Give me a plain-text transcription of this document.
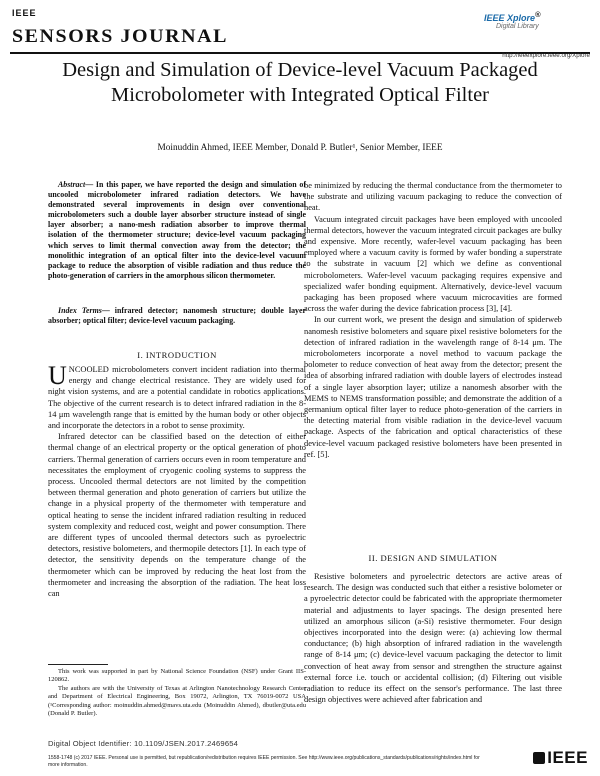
IEEE
SENSORS JOURNAL
IEEE Xplore®
Digital Library
http://ieeexplore.ieee.org/Xplore
Design and Simulation of Device-level Vacuum Packaged Microbolometer with Integrated Optical Filter
Moinuddin Ahmed, IEEE Member, Donald P. Butler¹, Senior Member, IEEE

Abstract— In this paper, we have reported the design and simulation of uncooled microbolometer infrared radiation detectors. We have demonstrated several improvements in design over conventional microbolometers such a double layer absorber structure instead of single layer absorber; a nano-mesh radiation absorber to improve thermal isolation of the thermometer structure; device-level vacuum packaging which serves to limit thermal convection away from the detector; the monolithic integration of an optical filter into the device-level vacuum package to reduce the absorption of visible radiation and thus reduce the photo-generation of carriers in the amorphous silicon thermometer.

Index Terms— infrared detector; nanomesh structure; double layer absorber; optical filter; device-level vacuum packaging.

I. INTRODUCTION

UNCOOLED microbolometers convert incident radiation into thermal energy and change electrical resistance. They are widely used for night vision systems, and are a potential candidate in robotics applications. The objective of the current research is to detect infrared radiation in the 8-14 μm wavelength range that is emitted by the human body or other objects and incorporate the detectors in a robot to sense proximity.

Infrared detector can be classified based on the detection of either thermal change of an electrical property or the optical generation of photo carriers. Thermal generation of carriers occurs even in room temperature and necessitates the employment of cryogenic cooling systems to suppress the process. Uncooled thermal detectors are not limited by the competition between thermal generation and photo generation of carriers but utilize the change in a physical property of the thermometer with temperature and optical heating to sense the incident infrared radiation resulting in reduced system complexity and reduced cost, weight and power consumption. There are different types of uncooled thermal detectors such as pyroelectric detectors, resistive bolometers, and thermopile detectors [1]. In each type of detector, the sensitivity depends on the temperature change of the thermometer which can be improved by reducing the heat lost from the thermometer and increasing the absorption of the radiation. The heat loss can

This work was supported in part by National Science Foundation (NSF) under Grant IIS-120862.

The authors are with the University of Texas at Arlington Nanotechnology Research Center and Department of Electrical Engineering, Box 19072, Arlington, TX 76019-0072 USA (¹Corresponding author: moinuddin.ahmed@mavs.uta.edu (Moinuddin Ahmed), dbutler@uta.edu (Donald P. Butler).

be minimized by reducing the thermal conductance from the thermometer to the substrate and utilizing vacuum packaging to reduce the convection of heat.

Vacuum integrated circuit packages have been employed with uncooled thermal detectors, however the vacuum integrated circuit packages are bulky and expensive. More recently, wafer-level vacuum packaging has been employed where a vacuum cavity is formed by wafer bonding a superstrate to the substrate in vacuum [2] which we define as conventional microbolometers. Wafer-level vacuum packaging requires expensive and specialized wafer bonding equipment. Alternatively, device-level vacuum packaging has been proposed where vacuum microcavities are formed across the wafer during the device fabrication process [3], [4].

In our current work, we present the design and simulation of spiderweb nanomesh resistive bolometers and square pixel resistive bolometers for the detection of infrared radiation in the wavelength range of 8-14 μm. The microbolometers incorporate a novel method to vacuum package the bolometer to reduce convection of heat away from the detector; present the idea of absorbing infrared radiation with double layers of electrodes instead of a single layer absorption layer; utilize a nanomesh absorber with the MEMS to NEMS transformation possible; and demonstrate the addition of a germanium optical filter layer to reduce photo-generation of the carriers in the detecting material from visible radiation in the device-level vacuum package. Aspects of the fabrication and optical characteristics of these device-level vacuum packaged resistive bolometers have been presented in ref. [5].

II. DESIGN AND SIMULATION

Resistive bolometers and pyroelectric detectors are active areas of research. The design was conducted such that either a resistive bolometer or a pyroelectric detector could be fabricated with the appropriate thermometer material and adjustments to layer spacings. The design presented here utilized an amorphous silicon (a-Si) resistive thermometer. Four design objectives incorporated into the design were: (a) achieving low thermal conductance; (b) high absorption of infrared radiation in the wavelength range of 8-14 μm; (c) device-level vacuum packaging the detector to limit convection of heat away from sensor and strengthen the structure against external force i.e. touch or accidental collision; (d) Filtering out visible radiation to reduce its effect on the sensor's performance. The last three design objectives were achieved after fabrication and

Digital Object Identifier: 10.1109/JSEN.2017.2469654
1558-1748 (c) 2017 IEEE. Personal use is permitted, but republication/redistribution requires IEEE permission. See http://www.ieee.org/publications_standards/publications/rights/index.html for more information.	IEEE
